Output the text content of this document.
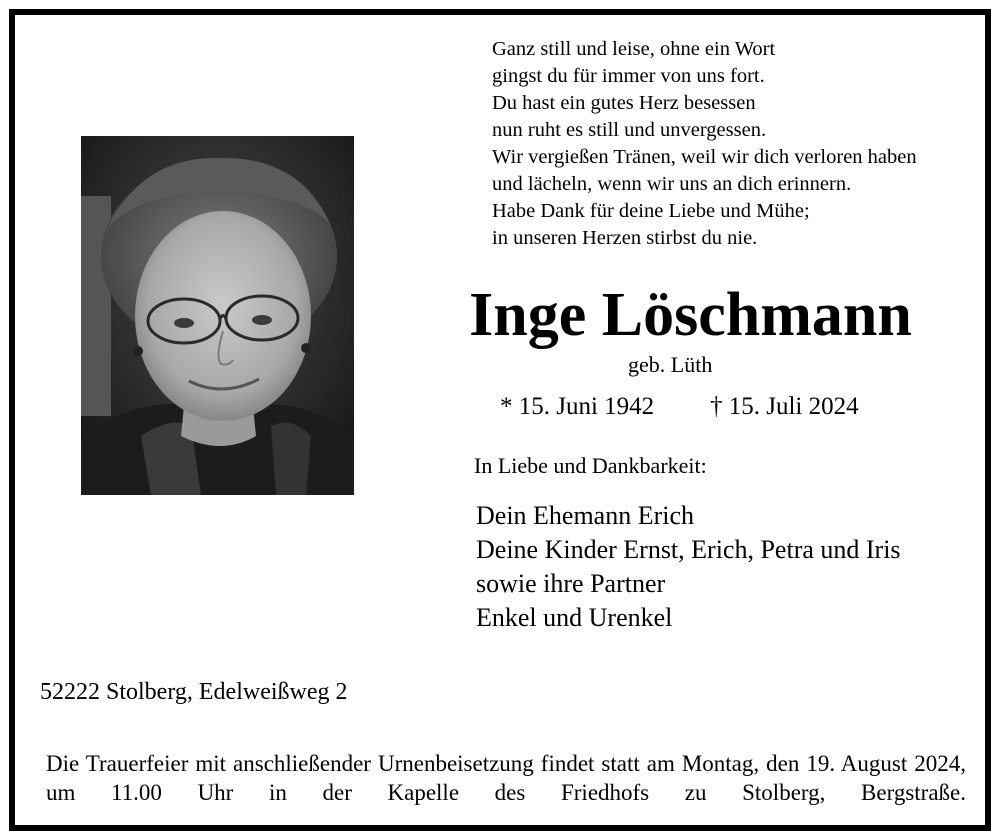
Ganz still und leise, ohne ein Wort
gingst du für immer von uns fort.
Du hast ein gutes Herz besessen
nun ruht es still und unvergessen.
Wir vergießen Tränen, weil wir dich verloren haben
und lächeln, wenn wir uns an dich erinnern.
Habe Dank für deine Liebe und Mühe;
in unseren Herzen stirbst du nie.
Inge Löschmann
geb. Lüth
* 15. Juni 1942 † 15. Juli 2024
In Liebe und Dankbarkeit:
Dein Ehemann Erich
Deine Kinder Ernst, Erich, Petra und Iris
sowie ihre Partner
Enkel und Urenkel
52222 Stolberg, Edelweißweg 2

Die Trauerfeier mit anschließender Urnenbeisetzung findet statt am Montag, den 19. August 2024, um 11.00 Uhr in der Kapelle des Friedhofs zu Stolberg, Bergstraße.
